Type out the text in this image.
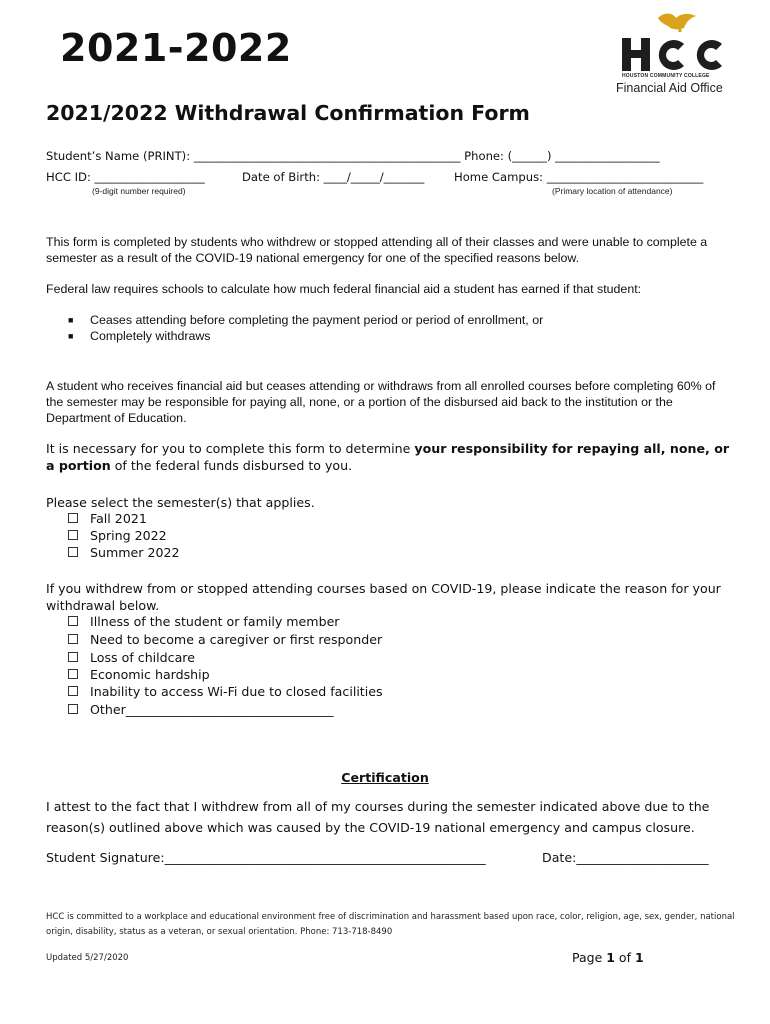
2021-2022
2021/2022 Withdrawal Confirmation Form
HOUSTON COMMUNITY COLLEGE
Financial Aid Office
Student’s Name (PRINT): ______________________________________________ Phone: (______) __________________
HCC ID: ___________________	Date of Birth: ____/_____/_______	Home Campus: ___________________________
(9-digit number required)	(Primary location of attendance)
This form is completed by students who withdrew or stopped attending all of their classes and were unable to complete a semester as a result of the COVID-19 national emergency for one of the specified reasons below.
Federal law requires schools to calculate how much federal financial aid a student has earned if that student:
■ Ceases attending before completing the payment period or period of enrollment, or
■ Completely withdraws
A student who receives financial aid but ceases attending or withdraws from all enrolled courses before completing 60% of the semester may be responsible for paying all, none, or a portion of the disbursed aid back to the institution or the Department of Education.
It is necessary for you to complete this form to determine your responsibility for repaying all, none, or a portion of the federal funds disbursed to you.
Please select the semester(s) that applies.
Fall 2021
Spring 2022
Summer 2022
If you withdrew from or stopped attending courses based on COVID-19, please indicate the reason for your withdrawal below.
Illness of the student or family member
Need to become a caregiver or first responder
Loss of childcare
Economic hardship
Inability to access Wi-Fi due to closed facilities
Other_________________________________
Certification
I attest to the fact that I withdrew from all of my courses during the semester indicated above due to the reason(s) outlined above which was caused by the COVID-19 national emergency and campus closure.
Student Signature:___________________________________________________	Date:_____________________
HCC is committed to a workplace and educational environment free of discrimination and harassment based upon race, color, religion, age, sex, gender, national origin, disability, status as a veteran, or sexual orientation. Phone: 713-718-8490
Updated 5/27/2020	Page 1 of 1
